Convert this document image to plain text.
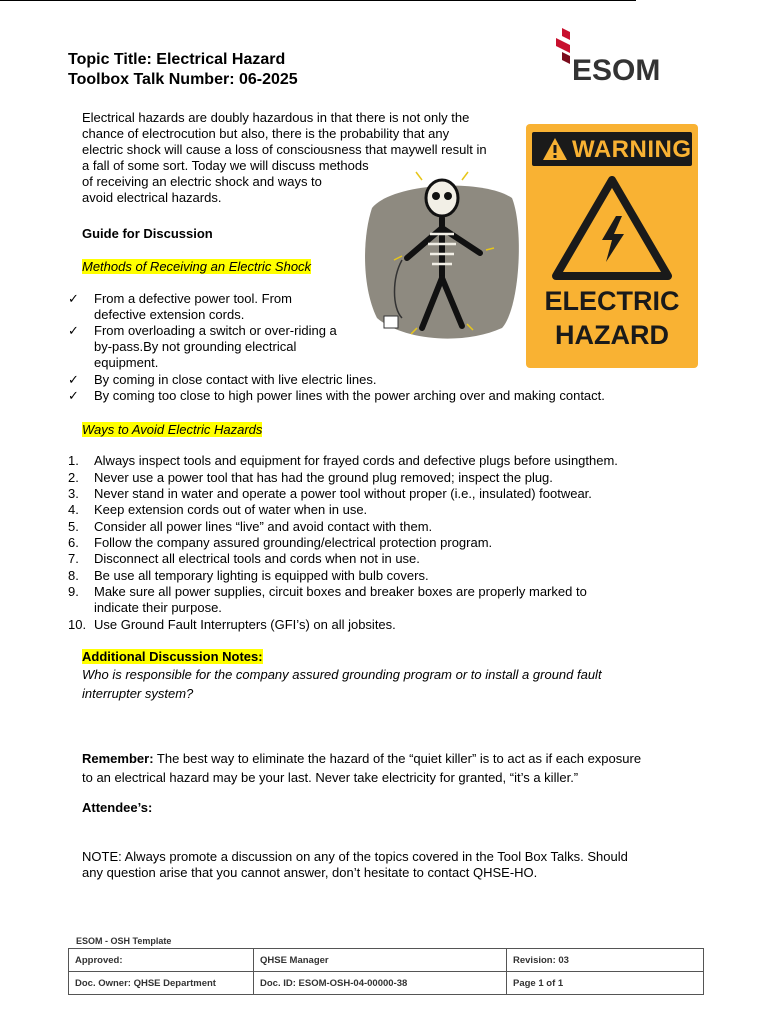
Topic Title: Electrical Hazard
Toolbox Talk Number: 06-2025	ESOM
Electrical hazards are doubly hazardous in that there is not only the
chance of electrocution but also, there is the probability that any
electric shock will cause a loss of consciousness that maywell result in
a fall of some sort. Today we will discuss methods
of receiving an electric shock and ways to
avoid electrical hazards.
WARNING
ELECTRIC
HAZARD
Guide for Discussion
Methods of Receiving an Electric Shock
✓ From a defective power tool. From
defective extension cords.
✓ From overloading a switch or over-riding a
by-pass.By not grounding electrical
equipment.
✓ By coming in close contact with live electric lines.
✓ By coming too close to high power lines with the power arching over and making contact.
Ways to Avoid Electric Hazards
1. Always inspect tools and equipment for frayed cords and defective plugs before usingthem.
2. Never use a power tool that has had the ground plug removed; inspect the plug.
3. Never stand in water and operate a power tool without proper (i.e., insulated) footwear.
4. Keep extension cords out of water when in use.
5. Consider all power lines “live” and avoid contact with them.
6. Follow the company assured grounding/electrical protection program.
7. Disconnect all electrical tools and cords when not in use.
8. Be use all temporary lighting is equipped with bulb covers.
9. Make sure all power supplies, circuit boxes and breaker boxes are properly marked to
indicate their purpose.
10. Use Ground Fault Interrupters (GFI’s) on all jobsites.
Additional Discussion Notes:
Who is responsible for the company assured grounding program or to install a ground fault
interrupter system?
Remember: The best way to eliminate the hazard of the “quiet killer” is to act as if each exposure
to an electrical hazard may be your last. Never take electricity for granted, “it’s a killer.”
Attendee’s:
NOTE: Always promote a discussion on any of the topics covered in the Tool Box Talks. Should
any question arise that you cannot answer, don’t hesitate to contact QHSE-HO.
ESOM - OSH Template
Approved:	QHSE Manager	Revision: 03
Doc. Owner: QHSE Department	Doc. ID: ESOM-OSH-04-00000-38	Page 1 of 1
